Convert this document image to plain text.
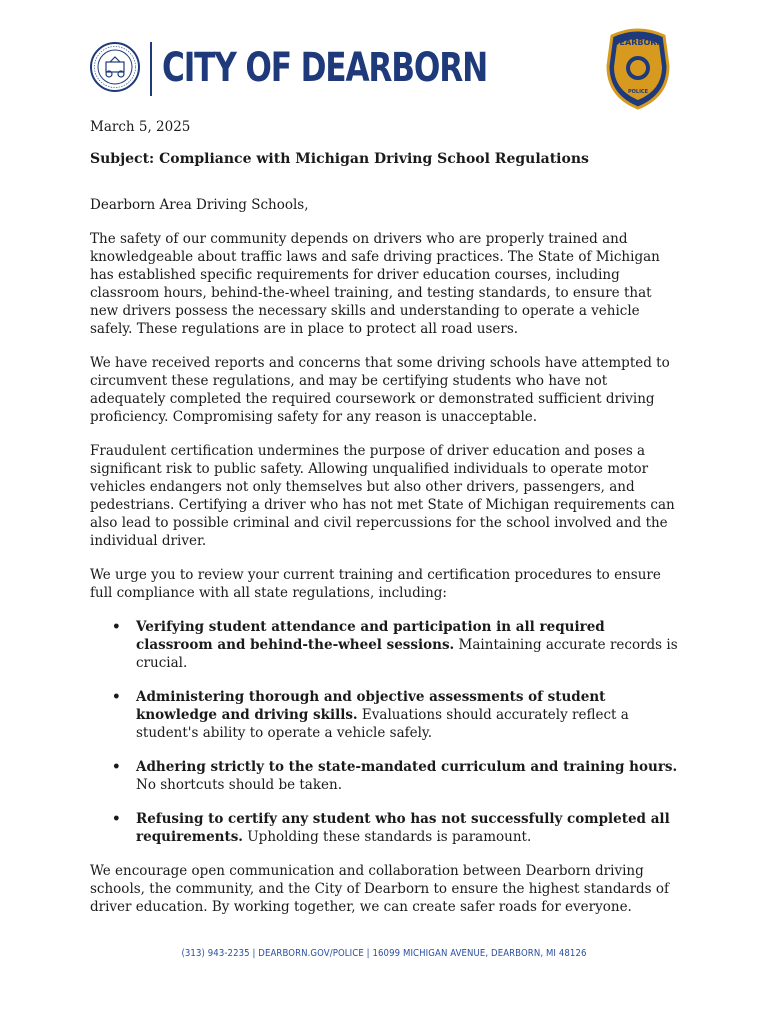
CITY OF DEARBORN
DEARBORN
POLICE

March 5, 2025

Subject: Compliance with Michigan Driving School Regulations

Dearborn Area Driving Schools,

The safety of our community depends on drivers who are properly trained and knowledgeable about traffic laws and safe driving practices. The State of Michigan has established specific requirements for driver education courses, including classroom hours, behind-the-wheel training, and testing standards, to ensure that new drivers possess the necessary skills and understanding to operate a vehicle safely. These regulations are in place to protect all road users.

We have received reports and concerns that some driving schools have attempted to circumvent these regulations, and may be certifying students who have not adequately completed the required coursework or demonstrated sufficient driving proficiency. Compromising safety for any reason is unacceptable.

Fraudulent certification undermines the purpose of driver education and poses a significant risk to public safety. Allowing unqualified individuals to operate motor vehicles endangers not only themselves but also other drivers, passengers, and pedestrians. Certifying a driver who has not met State of Michigan requirements can also lead to possible criminal and civil repercussions for the school involved and the individual driver.

We urge you to review your current training and certification procedures to ensure full compliance with all state regulations, including:

• Verifying student attendance and participation in all required classroom and behind-the-wheel sessions. Maintaining accurate records is crucial.
• Administering thorough and objective assessments of student knowledge and driving skills. Evaluations should accurately reflect a student's ability to operate a vehicle safely.
• Adhering strictly to the state-mandated curriculum and training hours. No shortcuts should be taken.
• Refusing to certify any student who has not successfully completed all requirements. Upholding these standards is paramount.

We encourage open communication and collaboration between Dearborn driving schools, the community, and the City of Dearborn to ensure the highest standards of driver education. By working together, we can create safer roads for everyone.

(313) 943-2235 | DEARBORN.GOV/POLICE | 16099 MICHIGAN AVENUE, DEARBORN, MI 48126
